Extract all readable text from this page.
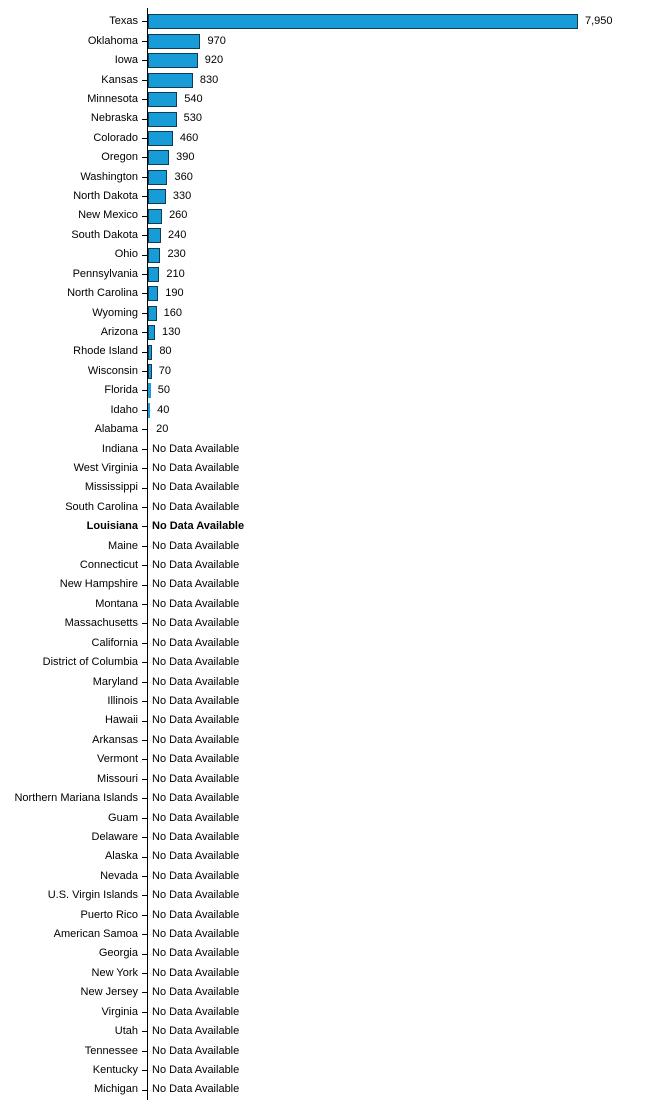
Texas	7,950
Oklahoma	970
Iowa	920
Kansas	830
Minnesota	540
Nebraska	530
Colorado	460
Oregon	390
Washington	360
North Dakota	330
New Mexico	260
South Dakota	240
Ohio	230
Pennsylvania	210
North Carolina 190
Wyoming 160
Arizona 130
Rhode Island 80
Wisconsin 70
Florida 50
Idaho 40
Alabama 20
Indiana No Data Available
West Virginia No Data Available
Mississippi No Data Available
South Carolina No Data Available
Louisiana No Data Available
Maine No Data Available
Connecticut No Data Available
New Hampshire No Data Available
Montana No Data Available
Massachusetts No Data Available
California No Data Available
District of Columbia No Data Available
Maryland No Data Available
Illinois No Data Available
Hawaii No Data Available
Arkansas No Data Available
Vermont No Data Available
Missouri No Data Available
Northern Mariana Islands No Data Available
Guam No Data Available
Delaware No Data Available
Alaska No Data Available
Nevada No Data Available
U.S. Virgin Islands No Data Available
Puerto Rico No Data Available
American Samoa No Data Available
Georgia No Data Available
New York No Data Available
New Jersey No Data Available
Virginia No Data Available
Utah No Data Available
Tennessee No Data Available
Kentucky No Data Available
Michigan No Data Available
